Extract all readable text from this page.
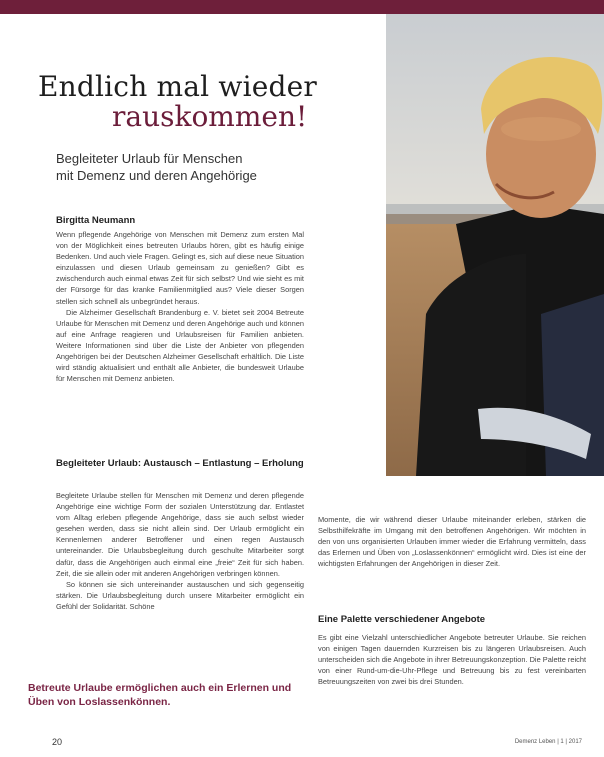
Endlich mal wieder
rauskommen!
Begleiteter Urlaub für Menschen
mit Demenz und deren Angehörige
Birgitta Neumann

Wenn pflegende Angehörige von Menschen mit Demenz zum ersten Mal von der Möglichkeit eines betreuten Urlaubs hören, gibt es häufig einige Bedenken. Und auch viele Fragen. Gelingt es, sich auf diese neue Situation einzulassen und diesen Urlaub gemeinsam zu genießen? Gibt es zwischendurch auch einmal etwas Zeit für sich selbst? Und wie sieht es mit der Fürsorge für das kranke Familienmitglied aus? Viele dieser Sorgen stellen sich schnell als unbegründet heraus.

Die Alzheimer Gesellschaft Brandenburg e. V. bietet seit 2004 Betreute Urlaube für Menschen mit Demenz und deren Angehörige auch und können auf eine Anfrage reagieren und Urlaubsreisen für Familien anbieten. Weitere Informationen sind über die Liste der Anbieter von pflegenden Angehörigen bei der Deutschen Alzheimer Gesellschaft erhältlich. Die Liste wird ständig aktualisiert und enthält alle Anbieter, die bundesweit Urlaube für Menschen mit Demenz anbieten.

Begleiteter Urlaub: Austausch – Entlastung – Erholung

Begleitete Urlaube stellen für Menschen mit Demenz und deren pflegende Angehörige eine wichtige Form der sozialen Unterstützung dar. Entlastet vom Alltag erleben pflegende Angehörige, dass sie auch selbst wieder gesehen werden, dass sie nicht allein sind. Der Urlaub ermöglicht ein Kennenlernen anderer Betroffener und einen regen Austausch untereinander. Die Urlaubsbegleitung durch geschulte Mitarbeiter sorgt dafür, dass die Angehörigen auch einmal eine „freie“ Zeit für sich haben. Zeit, die sie allein oder mit anderen Angehörigen verbringen können.

So können sie sich untereinander austauschen und sich gegenseitig stärken. Die Urlaubsbegleitung durch unsere Mitarbeiter ermöglicht ein Gefühl der Solidarität. Schöne

Momente, die wir während dieser Urlaube miteinander erleben, stärken die Selbsthilfekräfte im Umgang mit den betroffenen Angehörigen. Wir möchten in den von uns organisierten Urlauben immer wieder die Erfahrung vermitteln, dass das Erlernen und Üben von „Loslassenkönnen“ ermöglicht wird. Dies ist eine der wichtigsten Erfahrungen der Angehörigen in dieser Zeit.

Eine Palette verschiedener Angebote

Es gibt eine Vielzahl unterschiedlicher Angebote betreuter Urlaube. Sie reichen von einigen Tagen dauernden Kurzreisen bis zu längeren Urlaubsreisen. Auch unterscheiden sich die Angebote in ihrer Betreuungskonzeption. Die Palette reicht von einer Rund-um-die-Uhr-Pflege und Betreuung bis zu fest vereinbarten Betreuungszeiten von zwei bis drei Stunden.

Betreute Urlaube ermöglichen auch ein Erlernen und Üben von Loslassenkönnen.
20	Demenz Leben | 1 | 2017
